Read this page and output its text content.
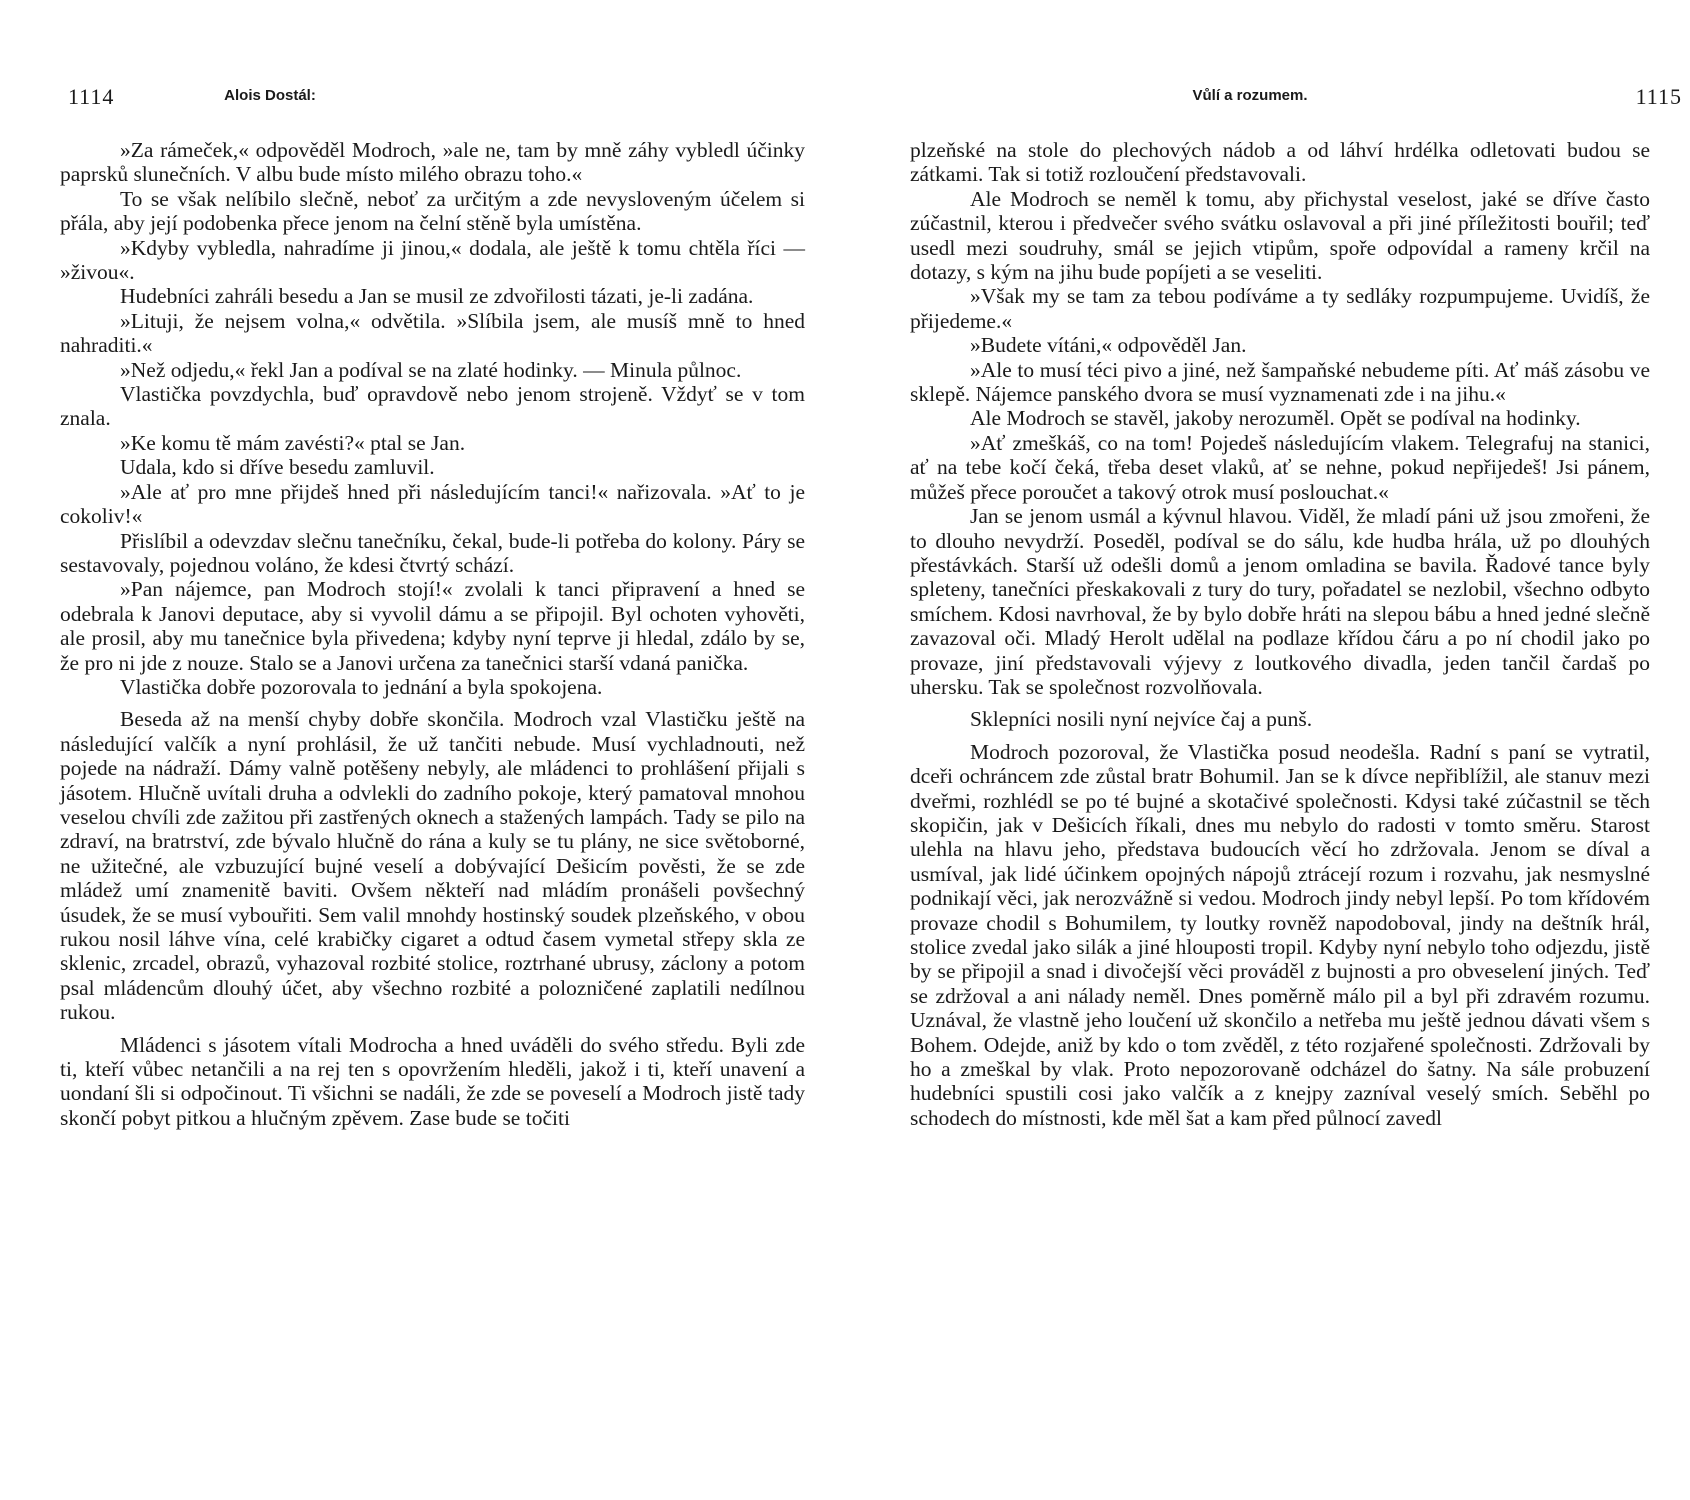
1114	Alois Dostál:

»Za rámeček,« odpověděl Modroch, »ale ne, tam by mně záhy vybledl účinky paprsků slunečních. V albu bude místo milého obrazu toho.«

To se však nelíbilo slečně, neboť za určitým a zde nevysloveným účelem si přála, aby její podobenka přece jenom na čelní stěně byla umístěna.

»Kdyby vybledla, nahradíme ji jinou,« dodala, ale ještě k tomu chtěla říci — »živou«.

Hudebníci zahráli besedu a Jan se musil ze zdvořilosti tázati, je-li zadána.

»Lituji, že nejsem volna,« odvětila. »Slíbila jsem, ale musíš mně to hned nahraditi.«

»Než odjedu,« řekl Jan a podíval se na zlaté hodinky. — Minula půlnoc.

Vlastička povzdychla, buď opravdově nebo jenom strojeně. Vždyť se v tom znala.

»Ke komu tě mám zavésti?« ptal se Jan.

Udala, kdo si dříve besedu zamluvil.

»Ale ať pro mne přijdeš hned při následujícím tanci!« nařizovala. »Ať to je cokoliv!«

Přislíbil a odevzdav slečnu tanečníku, čekal, bude-li potřeba do kolony. Páry se sestavovaly, pojednou voláno, že kdesi čtvrtý schází.

»Pan nájemce, pan Modroch stojí!« zvolali k tanci připravení a hned se odebrala k Janovi deputace, aby si vyvolil dámu a se připojil. Byl ochoten vyhověti, ale prosil, aby mu tanečnice byla přivedena; kdyby nyní teprve ji hledal, zdálo by se, že pro ni jde z nouze. Stalo se a Janovi určena za tanečnici starší vdaná panička.

Vlastička dobře pozorovala to jednání a byla spokojena.

Beseda až na menší chyby dobře skončila. Modroch vzal Vlastičku ještě na následující valčík a nyní prohlásil, že už tančiti nebude. Musí vychladnouti, než pojede na nádraží. Dámy valně potěšeny nebyly, ale mládenci to prohlášení přijali s jásotem. Hlučně uvítali druha a odvlekli do zadního pokoje, který pamatoval mnohou veselou chvíli zde zažitou při zastřených oknech a stažených lampách. Tady se pilo na zdraví, na bratrství, zde bývalo hlučně do rána a kuly se tu plány, ne sice světoborné, ne užitečné, ale vzbuzující bujné veselí a dobývající Dešicím pověsti, že se zde mládež umí znamenitě baviti. Ovšem někteří nad mládím pronášeli povšechný úsudek, že se musí vybouřiti. Sem valil mnohdy hostinský soudek plzeňského, v obou rukou nosil láhve vína, celé krabičky cigaret a odtud časem vymetal střepy skla ze sklenic, zrcadel, obrazů, vyhazoval rozbité stolice, roztrhané ubrusy, záclony a potom psal mládencům dlouhý účet, aby všechno rozbité a polozničené zaplatili nedílnou rukou.

Mládenci s jásotem vítali Modrocha a hned uváděli do svého středu. Byli zde ti, kteří vůbec netančili a na rej ten s opovržením hleděli, jakož i ti, kteří unavení a uondaní šli si odpočinout. Ti všichni se nadáli, že zde se poveselí a Modroch jistě tady skončí pobyt pitkou a hlučným zpěvem. Zase bude se točiti

Vůlí a rozumem.	1115

plzeňské na stole do plechových nádob a od láhví hrdélka odletovati budou se zátkami. Tak si totiž rozloučení představovali.

Ale Modroch se neměl k tomu, aby přichystal veselost, jaké se dříve často zúčastnil, kterou i předvečer svého svátku oslavoval a při jiné příležitosti bouřil; teď usedl mezi soudruhy, smál se jejich vtipům, spoře odpovídal a rameny krčil na dotazy, s kým na jihu bude popíjeti a se veseliti.

»Však my se tam za tebou podíváme a ty sedláky rozpumpujeme. Uvidíš, že přijedeme.«

»Budete vítáni,« odpověděl Jan.

»Ale to musí téci pivo a jiné, než šampaňské nebudeme píti. Ať máš zásobu ve sklepě. Nájemce panského dvora se musí vyznamenati zde i na jihu.«

Ale Modroch se stavěl, jakoby nerozuměl. Opět se podíval na hodinky.

»Ať zmeškáš, co na tom! Pojedeš následujícím vlakem. Telegrafuj na stanici, ať na tebe kočí čeká, třeba deset vlaků, ať se nehne, pokud nepřijedeš! Jsi pánem, můžeš přece poroučet a takový otrok musí poslouchat.«

Jan se jenom usmál a kývnul hlavou. Viděl, že mladí páni už jsou zmořeni, že to dlouho nevydrží. Poseděl, podíval se do sálu, kde hudba hrála, už po dlouhých přestávkách. Starší už odešli domů a jenom omladina se bavila. Řadové tance byly spleteny, tanečníci přeskakovali z tury do tury, pořadatel se nezlobil, všechno odbyto smíchem. Kdosi navrhoval, že by bylo dobře hráti na slepou bábu a hned jedné slečně zavazoval oči. Mladý Herolt udělal na podlaze křídou čáru a po ní chodil jako po provaze, jiní představovali výjevy z loutkového divadla, jeden tančil čardaš po uhersku. Tak se společnost rozvolňovala.

Sklepníci nosili nyní nejvíce čaj a punš.

Modroch pozoroval, že Vlastička posud neodešla. Radní s paní se vytratil, dceři ochráncem zde zůstal bratr Bohumil. Jan se k dívce nepřiblížil, ale stanuv mezi dveřmi, rozhlédl se po té bujné a skotačivé společnosti. Kdysi také zúčastnil se těch skopičin, jak v Dešicích říkali, dnes mu nebylo do radosti v tomto směru. Starost ulehla na hlavu jeho, představa budoucích věcí ho zdržovala. Jenom se díval a usmíval, jak lidé účinkem opojných nápojů ztrácejí rozum i rozvahu, jak nesmyslné podnikají věci, jak nerozvážně si vedou. Modroch jindy nebyl lepší. Po tom křídovém provaze chodil s Bohumilem, ty loutky rovněž napodoboval, jindy na deštník hrál, stolice zvedal jako silák a jiné hlouposti tropil. Kdyby nyní nebylo toho odjezdu, jistě by se připojil a snad i divočejší věci prováděl z bujnosti a pro obveselení jiných. Teď se zdržoval a ani nálady neměl. Dnes poměrně málo pil a byl při zdravém rozumu. Uznával, že vlastně jeho loučení už skončilo a netřeba mu ještě jednou dávati všem s Bohem. Odejde, aniž by kdo o tom zvěděl, z této rozjařené společnosti. Zdržovali by ho a zmeškal by vlak. Proto nepozorovaně odcházel do šatny. Na sále probuzení hudebníci spustili cosi jako valčík a z knejpy zazníval veselý smích. Seběhl po schodech do místnosti, kde měl šat a kam před půlnocí zavedl
